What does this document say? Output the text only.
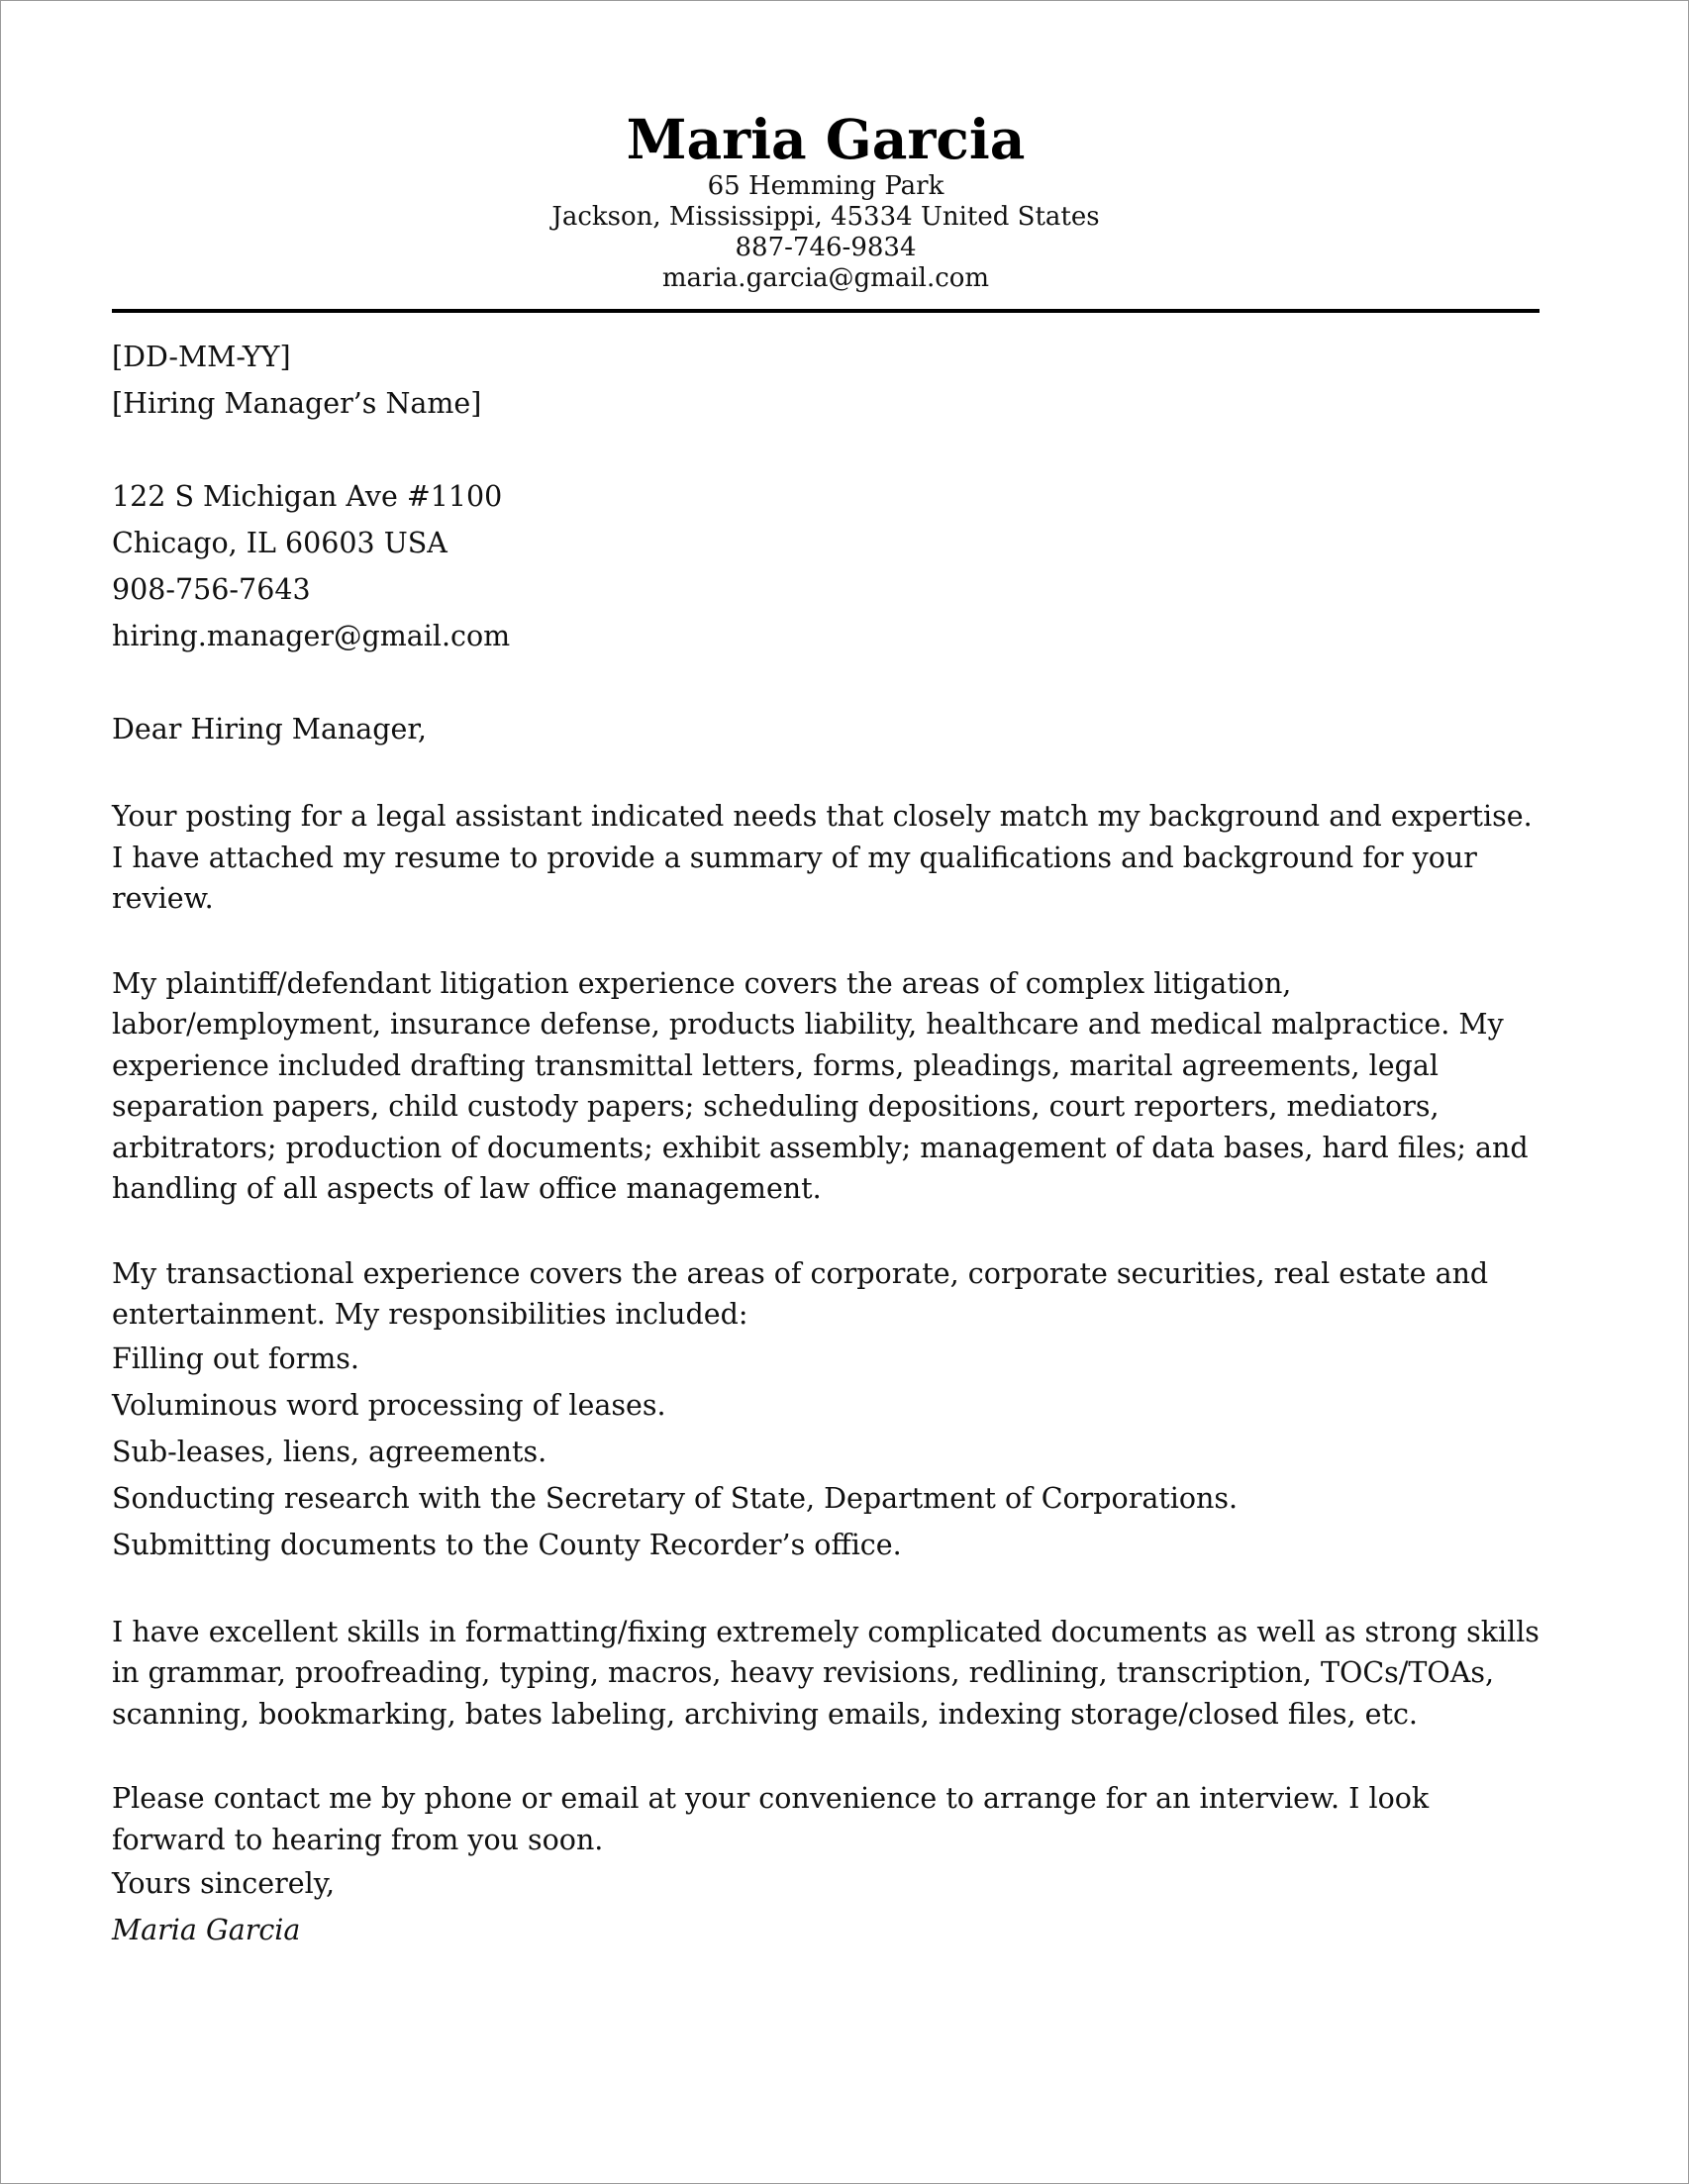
Maria Garcia

65 Hemming Park

Jackson, Mississippi, 45334 United States

887-746-9834

maria.garcia@gmail.com

[DD-MM-YY]

[Hiring Manager’s Name]

122 S Michigan Ave #1100

Chicago, IL 60603 USA

908-756-7643

hiring.manager@gmail.com

Dear Hiring Manager,

Your posting for a legal assistant indicated needs that closely match my background and expertise. I have attached my resume to provide a summary of my qualifications and background for your review.

My plaintiff/defendant litigation experience covers the areas of complex litigation, labor/employment, insurance defense, products liability, healthcare and medical malpractice. My experience included drafting transmittal letters, forms, pleadings, marital agreements, legal separation papers, child custody papers; scheduling depositions, court reporters, mediators, arbitrators; production of documents; exhibit assembly; management of data bases, hard files; and handling of all aspects of law office management.

My transactional experience covers the areas of corporate, corporate securities, real estate and entertainment. My responsibilities included:

Filling out forms.

Voluminous word processing of leases.

Sub-leases, liens, agreements.

Sonducting research with the Secretary of State, Department of Corporations.

Submitting documents to the County Recorder’s office.

I have excellent skills in formatting/fixing extremely complicated documents as well as strong skills in grammar, proofreading, typing, macros, heavy revisions, redlining, transcription, TOCs/TOAs, scanning, bookmarking, bates labeling, archiving emails, indexing storage/closed files, etc.

Please contact me by phone or email at your convenience to arrange for an interview. I look forward to hearing from you soon.

Yours sincerely,

Maria Garcia
